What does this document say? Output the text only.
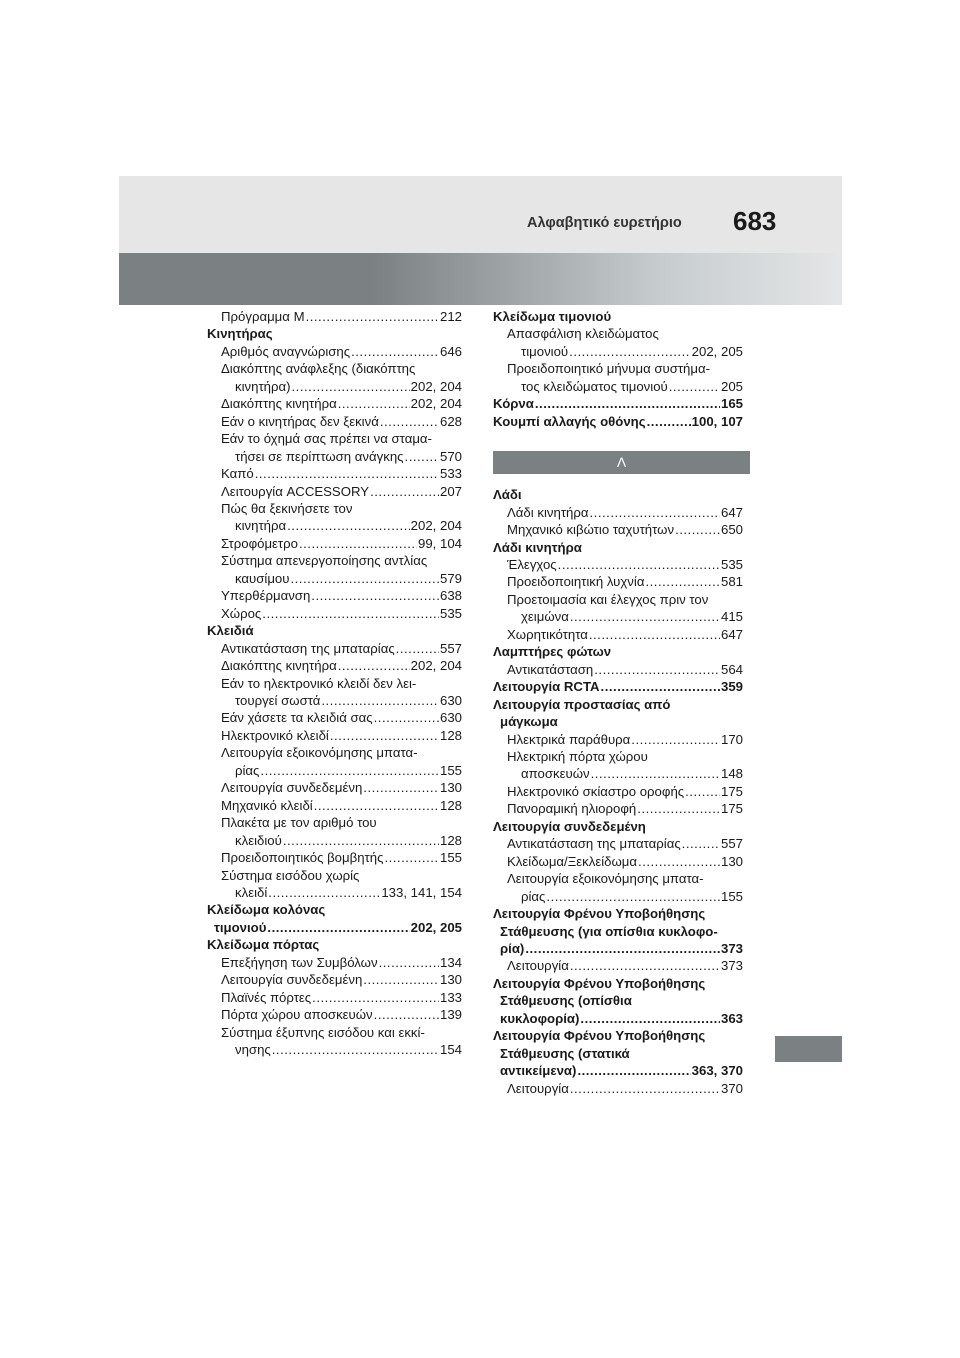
Αλφαβητικό ευρετήριο	683
Πρόγραμμα M .....	212
Κινητήρας
Αριθμός αναγνώρισης .....	646
Διακόπτης ανάφλεξης (διακόπτης
κινητήρα) .....	202, 204
Διακόπτης κινητήρα .....	202, 204
Εάν ο κινητήρας δεν ξεκινά .....	628
Εάν το όχημά σας πρέπει να σταμα-
τήσει σε περίπτωση ανάγκης .....	570
Καπό .....	533
Λειτουργία ACCESSORY .....	207
Πώς θα ξεκινήσετε τον
κινητήρα .....	202, 204
Στροφόμετρο .....	99, 104
Σύστημα απενεργοποίησης αντλίας
καυσίμου .....	579
Υπερθέρμανση .....	638
Χώρος .....	535
Κλειδιά
Αντικατάσταση της μπαταρίας .....	557
Διακόπτης κινητήρα .....	202, 204
Εάν το ηλεκτρονικό κλειδί δεν λει-
τουργεί σωστά .....	630
Εάν χάσετε τα κλειδιά σας .....	630
Ηλεκτρονικό κλειδί .....	128
Λειτουργία εξοικονόμησης μπατα-
ρίας .....	155
Λειτουργία συνδεδεμένη .....	130
Μηχανικό κλειδί .....	128
Πλακέτα με τον αριθμό του
κλειδιού .....	128
Προειδοποιητικός βομβητής .....	155
Σύστημα εισόδου χωρίς
κλειδί .....	133, 141, 154
Κλείδωμα κολόνας
τιμονιού .....	202, 205
Κλείδωμα πόρτας
Επεξήγηση των Συμβόλων .....	134
Λειτουργία συνδεδεμένη .....	130
Πλαϊνές πόρτες .....	133
Πόρτα χώρου αποσκευών .....	139
Σύστημα έξυπνης εισόδου και εκκί-
νησης .....	154
Κλείδωμα τιμονιού
Απασφάλιση κλειδώματος
τιμονιού .....	202, 205
Προειδοποιητικό μήνυμα συστήμα-
τος κλειδώματος τιμονιού .....	205
Κόρνα .....	165
Κουμπί αλλαγής οθόνης .....	100, 107
Λ
Λάδι
Λάδι κινητήρα .....	647
Μηχανικό κιβώτιο ταχυτήτων .....	650
Λάδι κινητήρα
Έλεγχος .....	535
Προειδοποιητική λυχνία .....	581
Προετοιμασία και έλεγχος πριν τον
χειμώνα .....	415
Χωρητικότητα .....	647
Λαμπτήρες φώτων
Αντικατάσταση .....	564
Λειτουργία RCTA .....	359
Λειτουργία προστασίας από
μάγκωμα
Ηλεκτρικά παράθυρα .....	170
Ηλεκτρική πόρτα χώρου
αποσκευών .....	148
Ηλεκτρονικό σκίαστρο οροφής .....	175
Πανοραμική ηλιοροφή .....	175
Λειτουργία συνδεδεμένη
Αντικατάσταση της μπαταρίας .....	557
Κλείδωμα/Ξεκλείδωμα .....	130
Λειτουργία εξοικονόμησης μπατα-
ρίας .....	155
Λειτουργία Φρένου Υποβοήθησης
Στάθμευσης (για οπίσθια κυκλοφο-
ρία) .....	373
Λειτουργία .....	373
Λειτουργία Φρένου Υποβοήθησης
Στάθμευσης (οπίσθια
κυκλοφορία) .....	363
Λειτουργία Φρένου Υποβοήθησης
Στάθμευσης (στατικά
αντικείμενα) .....	363, 370
Λειτουργία .....	370
